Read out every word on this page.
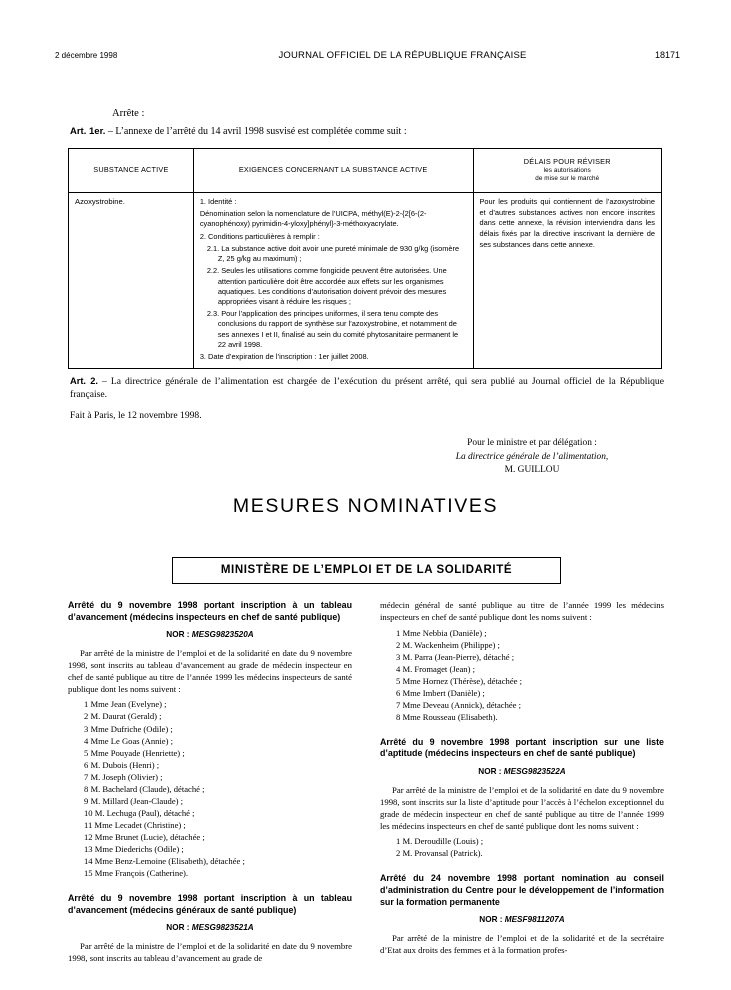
2 décembre 1998	JOURNAL OFFICIEL DE LA RÉPUBLIQUE FRANÇAISE	18171
Arrête :
Art. 1er. – L’annexe de l’arrêté du 14 avril 1998 susvisé est complétée comme suit :
SUBSTANCE ACTIVE	EXIGENCES CONCERNANT LA SUBSTANCE ACTIVE	DÉLAIS POUR RÉVISER
les autorisations
de mise sur le marché

Azoxystrobine.	1. Identité :

Dénomination selon la nomenclature de l’UICPA, méthyl(E)-2-{2[6-(2-cyanophénoxy) pyrimidin-4-yloxy]phényl}-3-méthoxyacrylate.

2. Conditions particulières à remplir :

2.1. La substance active doit avoir une pureté minimale de 930 g/kg (isomère Z, 25 g/kg au maximum) ;

2.2. Seules les utilisations comme fongicide peuvent être autorisées. Une attention particulière doit être accordée aux effets sur les organismes aquatiques. Les conditions d’autorisation doivent prévoir des mesures appropriées visant à réduire les risques ;

2.3. Pour l’application des principes uniformes, il sera tenu compte des conclusions du rapport de synthèse sur l’azoxystrobine, et notamment de ses annexes I et II, finalisé au sein du comité phytosanitaire permanent le 22 avril 1998.

3. Date d’expiration de l’inscription : 1er juillet 2008.

	Pour les produits qui contiennent de l’azoxystrobine et d’autres substances actives non encore inscrites dans cette annexe, la révision interviendra dans les délais fixés par la directive inscrivant la dernière de ses substances dans cette annexe.
Art. 2. – La directrice générale de l’alimentation est chargée de l’exécution du présent arrêté, qui sera publié au Journal officiel de la République française.
Fait à Paris, le 12 novembre 1998.
Pour le ministre et par délégation :
La directrice générale de l’alimentation,
M. GUILLOU
MESURES NOMINATIVES
MINISTÈRE DE L’EMPLOI ET DE LA SOLIDARITÉ
Arrêté du 9 novembre 1998 portant inscription à un tableau d’avancement (médecins inspecteurs en chef de santé publique)
NOR : MESG9823520A

Par arrêté de la ministre de l’emploi et de la solidarité en date du 9 novembre 1998, sont inscrits au tableau d’avancement au grade de médecin inspecteur en chef de santé publique au titre de l’année 1999 les médecins inspecteurs de santé publique dont les noms suivent :

1 Mme Jean (Evelyne) ;
2 M. Daurat (Gerald) ;
3 Mme Dufriche (Odile) ;
4 Mme Le Goas (Annie) ;
5 Mme Pouyade (Henriette) ;
6 M. Dubois (Henri) ;
7 M. Joseph (Olivier) ;
8 M. Bachelard (Claude), détaché ;
9 M. Millard (Jean-Claude) ;
10 M. Lechuga (Paul), détaché ;
11 Mme Lecadet (Christine) ;
12 Mme Brunet (Lucie), détachée ;
13 Mme Diederichs (Odile) ;
14 Mme Benz-Lemoine (Elisabeth), détachée ;
15 Mme François (Catherine).
Arrêté du 9 novembre 1998 portant inscription à un tableau d’avancement (médecins généraux de santé publique)
NOR : MESG9823521A

Par arrêté de la ministre de l’emploi et de la solidarité en date du 9 novembre 1998, sont inscrits au tableau d’avancement au grade de

médecin général de santé publique au titre de l’année 1999 les médecins inspecteurs en chef de santé publique dont les noms suivent :

1 Mme Nebbia (Danièle) ;
2 M. Wackenheim (Philippe) ;
3 M. Parra (Jean-Pierre), détaché ;
4 M. Fromaget (Jean) ;
5 Mme Hornez (Thérèse), détachée ;
6 Mme Imbert (Danièle) ;
7 Mme Deveau (Annick), détachée ;
8 Mme Rousseau (Elisabeth).
Arrêté du 9 novembre 1998 portant inscription sur une liste d’aptitude (médecins inspecteurs en chef de santé publique)
NOR : MESG9823522A

Par arrêté de la ministre de l’emploi et de la solidarité en date du 9 novembre 1998, sont inscrits sur la liste d’aptitude pour l’accès à l’échelon exceptionnel du grade de médecin inspecteur en chef de santé publique au titre de l’année 1999 les médecins inspecteurs en chef de santé publique dont les noms suivent :

1 M. Deroudille (Louis) ;
2 M. Provansal (Patrick).
Arrêté du 24 novembre 1998 portant nomination au conseil d’administration du Centre pour le développement de l’information sur la formation permanente
NOR : MESF9811207A

Par arrêté de la ministre de l’emploi et de la solidarité et de la secrétaire d’Etat aux droits des femmes et à la formation profes-
